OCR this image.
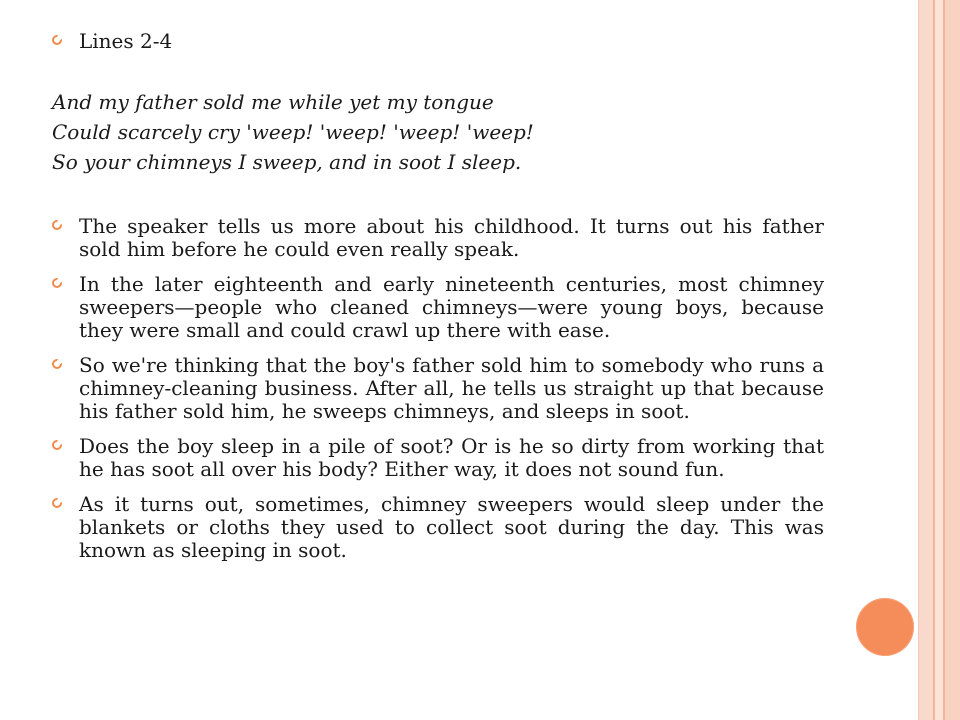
Lines 2-4
And my father sold me while yet my tongue
Could scarcely cry 'weep! 'weep! 'weep! 'weep!
So your chimneys I sweep, and in soot I sleep.
The speaker tells us more about his childhood. It turns out his father sold him before he could even really speak.
In the later eighteenth and early nineteenth centuries, most chimney sweepers—people who cleaned chimneys—were young boys, because they were small and could crawl up there with ease.
So we're thinking that the boy's father sold him to somebody who runs a chimney-cleaning business. After all, he tells us straight up that because his father sold him, he sweeps chimneys, and sleeps in soot.
Does the boy sleep in a pile of soot? Or is he so dirty from working that he has soot all over his body? Either way, it does not sound fun.
As it turns out, sometimes, chimney sweepers would sleep under the blankets or cloths they used to collect soot during the day. This was known as sleeping in soot.
